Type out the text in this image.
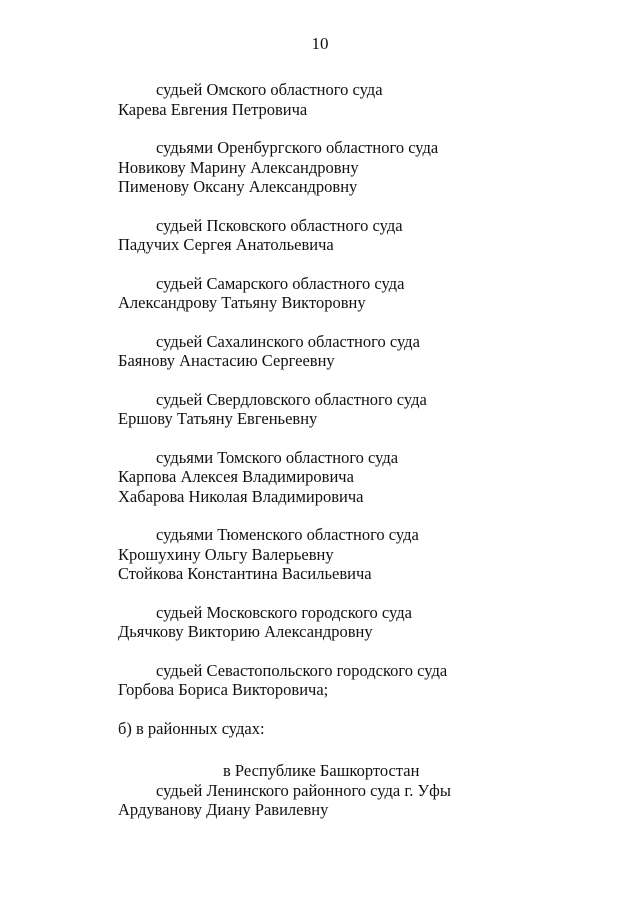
10
судьей Омского областного суда
Карева Евгения Петровича
судьями Оренбургского областного суда
Новикову Марину Александровну
Пименову Оксану Александровну
судьей Псковского областного суда
Падучих Сергея Анатольевича
судьей Самарского областного суда
Александрову Татьяну Викторовну
судьей Сахалинского областного суда
Баянову Анастасию Сергеевну
судьей Свердловского областного суда
Ершову Татьяну Евгеньевну
судьями Томского областного суда
Карпова Алексея Владимировича
Хабарова Николая Владимировича
судьями Тюменского областного суда
Крошухину Ольгу Валерьевну
Стойкова Константина Васильевича
судьей Московского городского суда
Дьячкову Викторию Александровну
судьей Севастопольского городского суда
Горбова Бориса Викторовича;
б) в районных судах:
в Республике Башкортостан
судьей Ленинского районного суда г. Уфы
Ардуванову Диану Равилевну
